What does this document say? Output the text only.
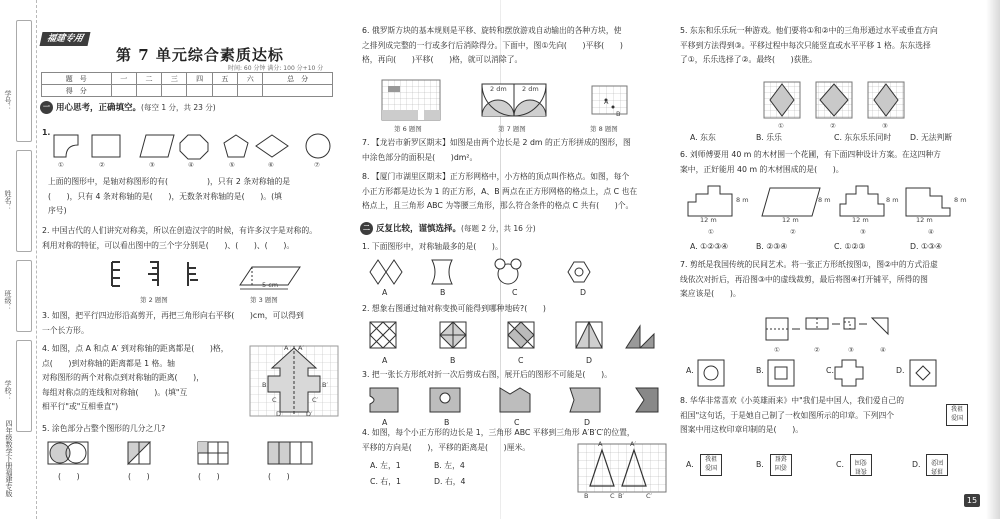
学号：
姓名：
班级：
学校：
四年级数学下册福建专版
福建专用
第 7 单元综合素质达标
时间: 60 分钟 满分: 100 分+10 分
题　号	一	二	三	四	五	六	总　分
得　分							
一 用心思考，正确填空。(每空 1 分，共 23 分)
1.
①	②	③	④	⑤	⑥	⑦
上面的图形中，是轴对称图形的有(　　　　　)，只有 2 条对称轴的是
(　　)，只有 4 条对称轴的是(　　)，无数条对称轴的是(　　)。(填
序号)
2. 中国古代的人们讲究对称美，所以在创造汉字的时候，有许多汉字是对称的。
利用对称的特征，可以看出图中的三个字分别是(　　)、(　　)、(　　)。
第 2 题图
5 cm
第 3 题图
3. 如图，把平行四边形沿高剪开，再把三角形向右平移(　　)cm，可以得到
一个长方形。
4. 如图，点 A 和点 A′ 到对称轴的距离都是(　　)格，
点(　　)到对称轴的距离都是 1 格。轴
对称图形的两个对称点到对称轴的距离(　　)，
每组对称点的连线和对称轴(　　)。(填"互
相平行"或"互相垂直")
A A′
B	B′
C	C′
D	D′
5. 涂色部分占整个图形的几分之几?
(　　)	(　　)	(　　)	(　　)
6. 俄罗斯方块的基本规则是平移、旋转和摆放游戏自动输出的各种方块，使
之排列成完整的一行或多行后消除得分。下面中，图①先向(　　)平移(　　)
格，再向(　　)平移(　　)格，就可以消除了。
第 6 题图
2 dm 2 dm
第 7 题图
A
B
第 8 题图
7. 【龙岩市新罗区期末】如图是由两个边长是 2 dm 的正方形拼成的图形，图
中涂色部分的面积是(　　)dm²。
8. 【厦门市湖里区期末】正方形网格中，小方格的顶点叫作格点。如图，每个
小正方形都是边长为 1 的正方形，A、B 两点在正方形网格的格点上，点 C 也在
格点上，且三角形 ABC 为等腰三角形，那么符合条件的格点 C 共有(　　)个。
二 反复比较，谨慎选择。(每题 2 分，共 16 分)
1. 下面图形中，对称轴最多的是(　　)。
A	B	C	D
2. 想象右图通过轴对称变换可能得到哪种地砖?(　　)
A	B	C	D
3. 把一张长方形纸对折一次后剪成右图，展开后的图形不可能是(　　)。
A	B	C	D
4. 如图，每个小正方形的边长是 1，三角形 ABC 平移到三角形 A′B′C′的位置，
平移的方向是(　　)，平移的距离是(　　)厘米。
A. 左，1	B. 左，4
C. 右，1	D. 右，4
A	A′
B	C B′	C′
5. 东东和乐乐玩一种游戏。他们要将①和②中的三角形通过水平或垂直方向
平移到方法得到③。平移过程中每次只能竖直或水平平移 1 格。东东选择
了①，乐乐选择了②。最终(　　)获胜。
①	②	③
A. 东东	B. 乐乐	C. 东东乐乐同时 D. 无法判断
6. 刘师傅要用 40 m 的木材围一个花圃，有下面四种设计方案。在这四种方
案中，正好能用 40 m 的木材围成的是(　　)。
12 m
8 m
12 m
8 m
12 m
8 m
12 m
8 m
①	②	③	④
A. ①②③④	B. ②③④	C. ①②③	D. ①③④
7. 剪纸是我国传统的民间艺术。将一张正方形纸按图①，图②中的方式沿虚
线依次对折后，再沿图③中的虚线裁剪，最后将图④打开铺平，所得的图
案应该是(　　)。
①	②	③	④
A.	B.	C.	D.
8. 华华非常喜欢《小英雄雨来》中"我们是中国人，我们爱自己的
祖国"这句话，于是她自己制了一枚如图所示的印章。下列四个
图案中用这枚印章印制的是(　　)。
我祖
爱国
A.
我祖
爱国	B.
我祖
爱国	C.
我祖
爱国	D.
我祖
爱国
15
